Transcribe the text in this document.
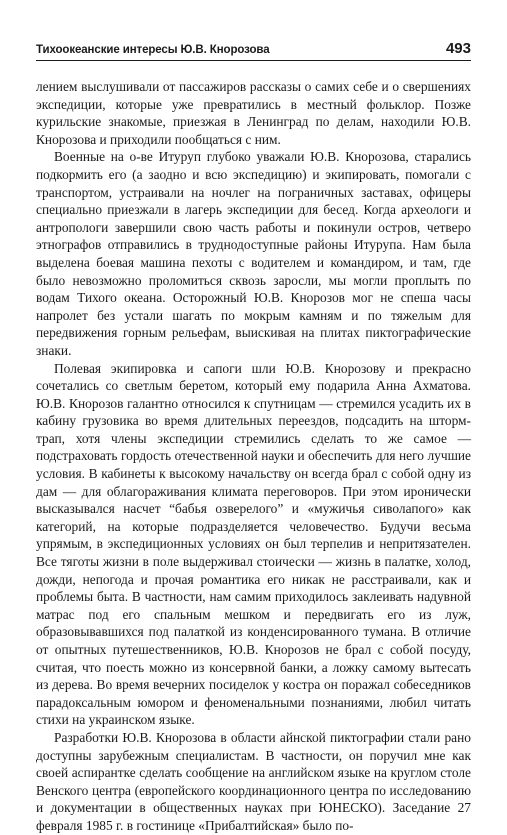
Тихоокеанские интересы Ю.В. Кнорозова	493

лением выслушивали от пассажиров рассказы о самих себе и о свершениях экспедиции, которые уже превратились в местный фольклор. Позже курильские знакомые, приезжая в Ленинград по делам, находили Ю.В. Кнорозова и приходили пообщаться с ним.

Военные на о-ве Итуруп глубоко уважали Ю.В. Кнорозова, старались подкормить его (а заодно и всю экспедицию) и экипировать, помогали с транспортом, устраивали на ночлег на пограничных заставах, офицеры специально приезжали в лагерь экспедиции для бесед. Когда археологи и антропологи завершили свою часть работы и покинули остров, четверо этнографов отправились в труднодоступные районы Итурупа. Нам была выделена боевая машина пехоты с водителем и командиром, и там, где было невозможно проломиться сквозь заросли, мы могли проплыть по водам Тихого океана. Осторожный Ю.В. Кнорозов мог не спеша часы напролет без устали шагать по мокрым камням и по тяжелым для передвижения горным рельефам, выискивая на плитах пиктографические знаки.

Полевая экипировка и сапоги шли Ю.В. Кнорозову и прекрасно сочетались со светлым беретом, который ему подарила Анна Ахматова. Ю.В. Кнорозов галантно относился к спутницам — стремился усадить их в кабину грузовика во время длительных переездов, подсадить на шторм-трап, хотя члены экспедиции стремились сделать то же самое — подстраховать гордость отечественной науки и обеспечить для него лучшие условия. В кабинеты к высокому начальству он всегда брал с собой одну из дам — для облагораживания климата переговоров. При этом иронически высказывался насчет “бабья озверелого” и «мужичья сиволапого» как категорий, на которые подразделяется человечество. Будучи весьма упрямым, в экспедиционных условиях он был терпелив и непритязателен. Все тяготы жизни в поле выдерживал стоически — жизнь в палатке, холод, дожди, непогода и прочая романтика его никак не расстраивали, как и проблемы быта. В частности, нам самим приходилось заклеивать надувной матрас под его спальным мешком и передвигать его из луж, образовывавшихся под палаткой из конденсированного тумана. В отличие от опытных путешественников, Ю.В. Кнорозов не брал с собой посуду, считая, что поесть можно из консервной банки, а ложку самому вытесать из дерева. Во время вечерних посиделок у костра он поражал собеседников парадоксальным юмором и феноменальными познаниями, любил читать стихи на украинском языке.

Разработки Ю.В. Кнорозова в области айнской пиктографии стали рано доступны зарубежным специалистам. В частности, он поручил мне как своей аспирантке сделать сообщение на английском языке на круглом столе Венского центра (европейского координационного центра по исследованию и документации в общественных науках при ЮНЕСКО). Заседание 27 февраля 1985 г. в гостинице «Прибалтийская» было по-
